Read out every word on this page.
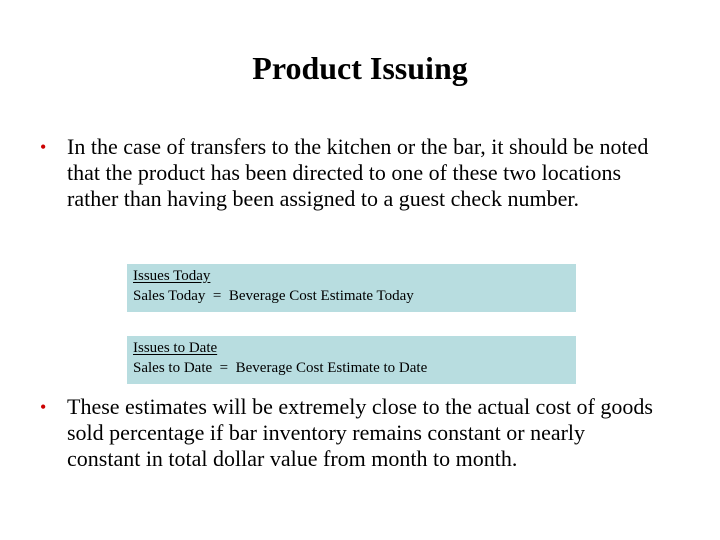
Product Issuing
• In the case of transfers to the kitchen or the bar, it should be noted that the product has been directed to one of these two locations rather than having been assigned to a guest check number.
Issues Today
Sales Today = Beverage Cost Estimate Today
Issues to Date
Sales to Date = Beverage Cost Estimate to Date
• These estimates will be extremely close to the actual cost of goods sold percentage if bar inventory remains constant or nearly constant in total dollar value from month to month.
